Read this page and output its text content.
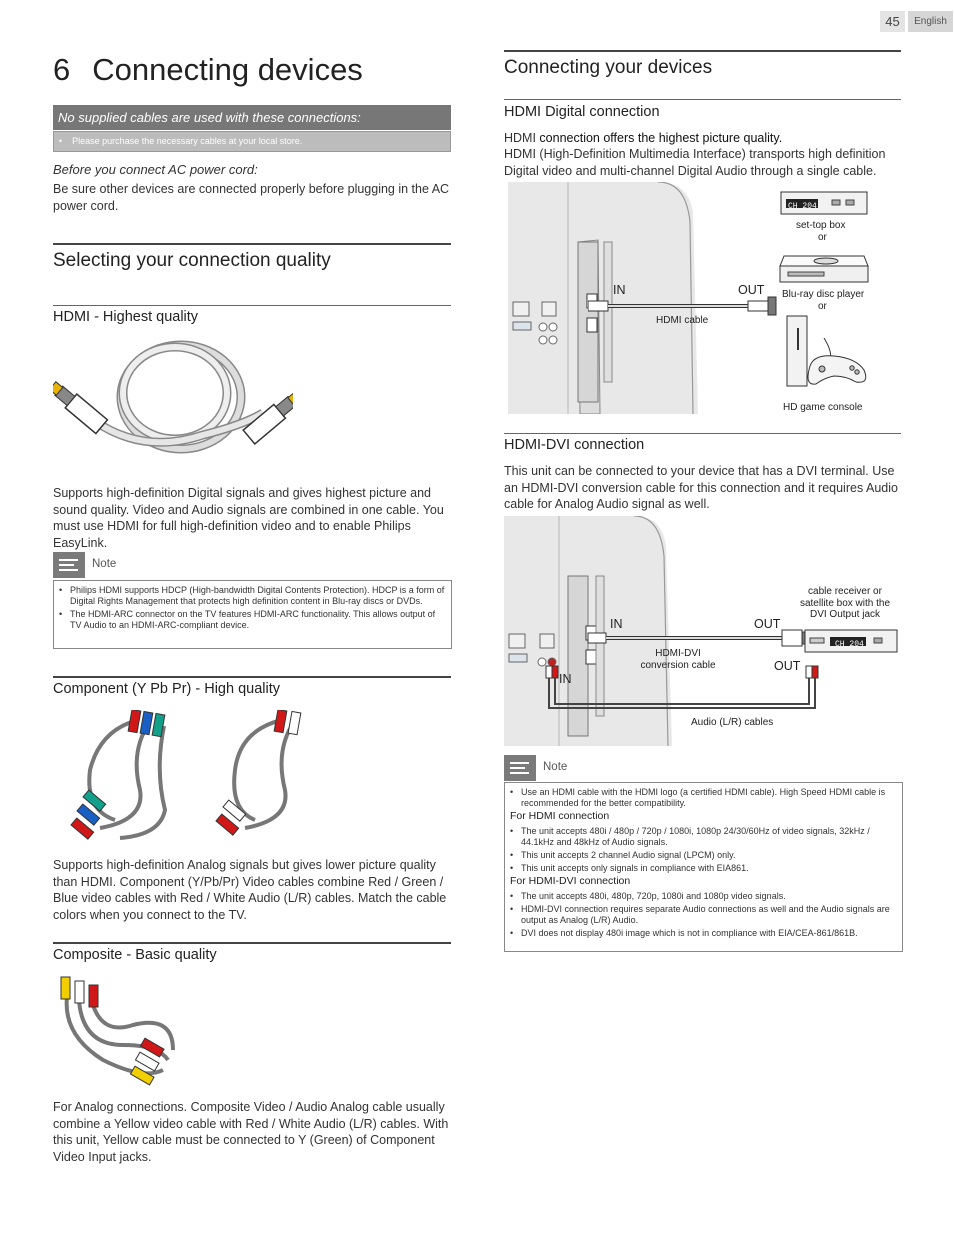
45	English
6 Connecting devices
No supplied cables are used with these connections:
•  Please purchase the necessary cables at your local store.
Before you connect AC power cord:
Be sure other devices are connected properly before plugging in the AC power cord.
Selecting your connection quality
HDMI - Highest quality
Supports high-definition Digital signals and gives highest picture and sound quality. Video and Audio signals are combined in one cable. You must use HDMI for full high-definition video and to enable Philips EasyLink.
Note
• Philips HDMI supports HDCP (High-bandwidth Digital Contents Protection). HDCP is a form of Digital Rights Management that protects high definition content in Blu-ray discs or DVDs.
• The HDMI-ARC connector on the TV features HDMI-ARC functionality. This allows output of TV Audio to an HDMI-ARC-compliant device.
Component (Y Pb Pr) - High quality
Supports high-definition Analog signals but gives lower picture quality than HDMI. Component (Y/Pb/Pr) Video cables combine Red / Green / Blue video cables with Red / White Audio (L/R) cables. Match the cable colors when you connect to the TV.
Composite - Basic quality
For Analog connections. Composite Video / Audio Analog cable usually combine a Yellow video cable with Red / White Audio (L/R) cables. With this unit, Yellow cable must be connected to Y (Green) of Component Video Input jacks.
Connecting your devices
HDMI Digital connection
HDMI connection offers the highest picture quality.
HDMI (High-Definition Multimedia Interface) transports high definition Digital video and multi-channel Digital Audio through a single cable.
IN	OUT
HDMI cable
CH 204
set-top box
or
Blu-ray disc player
or
HD game console
HDMI-DVI connection
This unit can be connected to your device that has a DVI terminal. Use an HDMI-DVI conversion cable for this connection and it requires Audio cable for Analog Audio signal as well.
IN	OUT
HDMI-DVI conversion cable	OUT
IN
Audio (L/R) cables
cable receiver or satellite box with the DVI Output jack
CH 204
Note
• Use an HDMI cable with the HDMI logo (a certified HDMI cable). High Speed HDMI cable is recommended for the better compatibility.
For HDMI connection
• The unit accepts 480i / 480p / 720p / 1080i, 1080p 24/30/60Hz of video signals, 32kHz / 44.1kHz and 48kHz of Audio signals.
• This unit accepts 2 channel Audio signal (LPCM) only.
• This unit accepts only signals in compliance with EIA861.
For HDMI-DVI connection
• The unit accepts 480i, 480p, 720p, 1080i and 1080p video signals.
• HDMI-DVI connection requires separate Audio connections as well and the Audio signals are output as Analog (L/R) Audio.
• DVI does not display 480i image which is not in compliance with EIA/CEA-861/861B.
